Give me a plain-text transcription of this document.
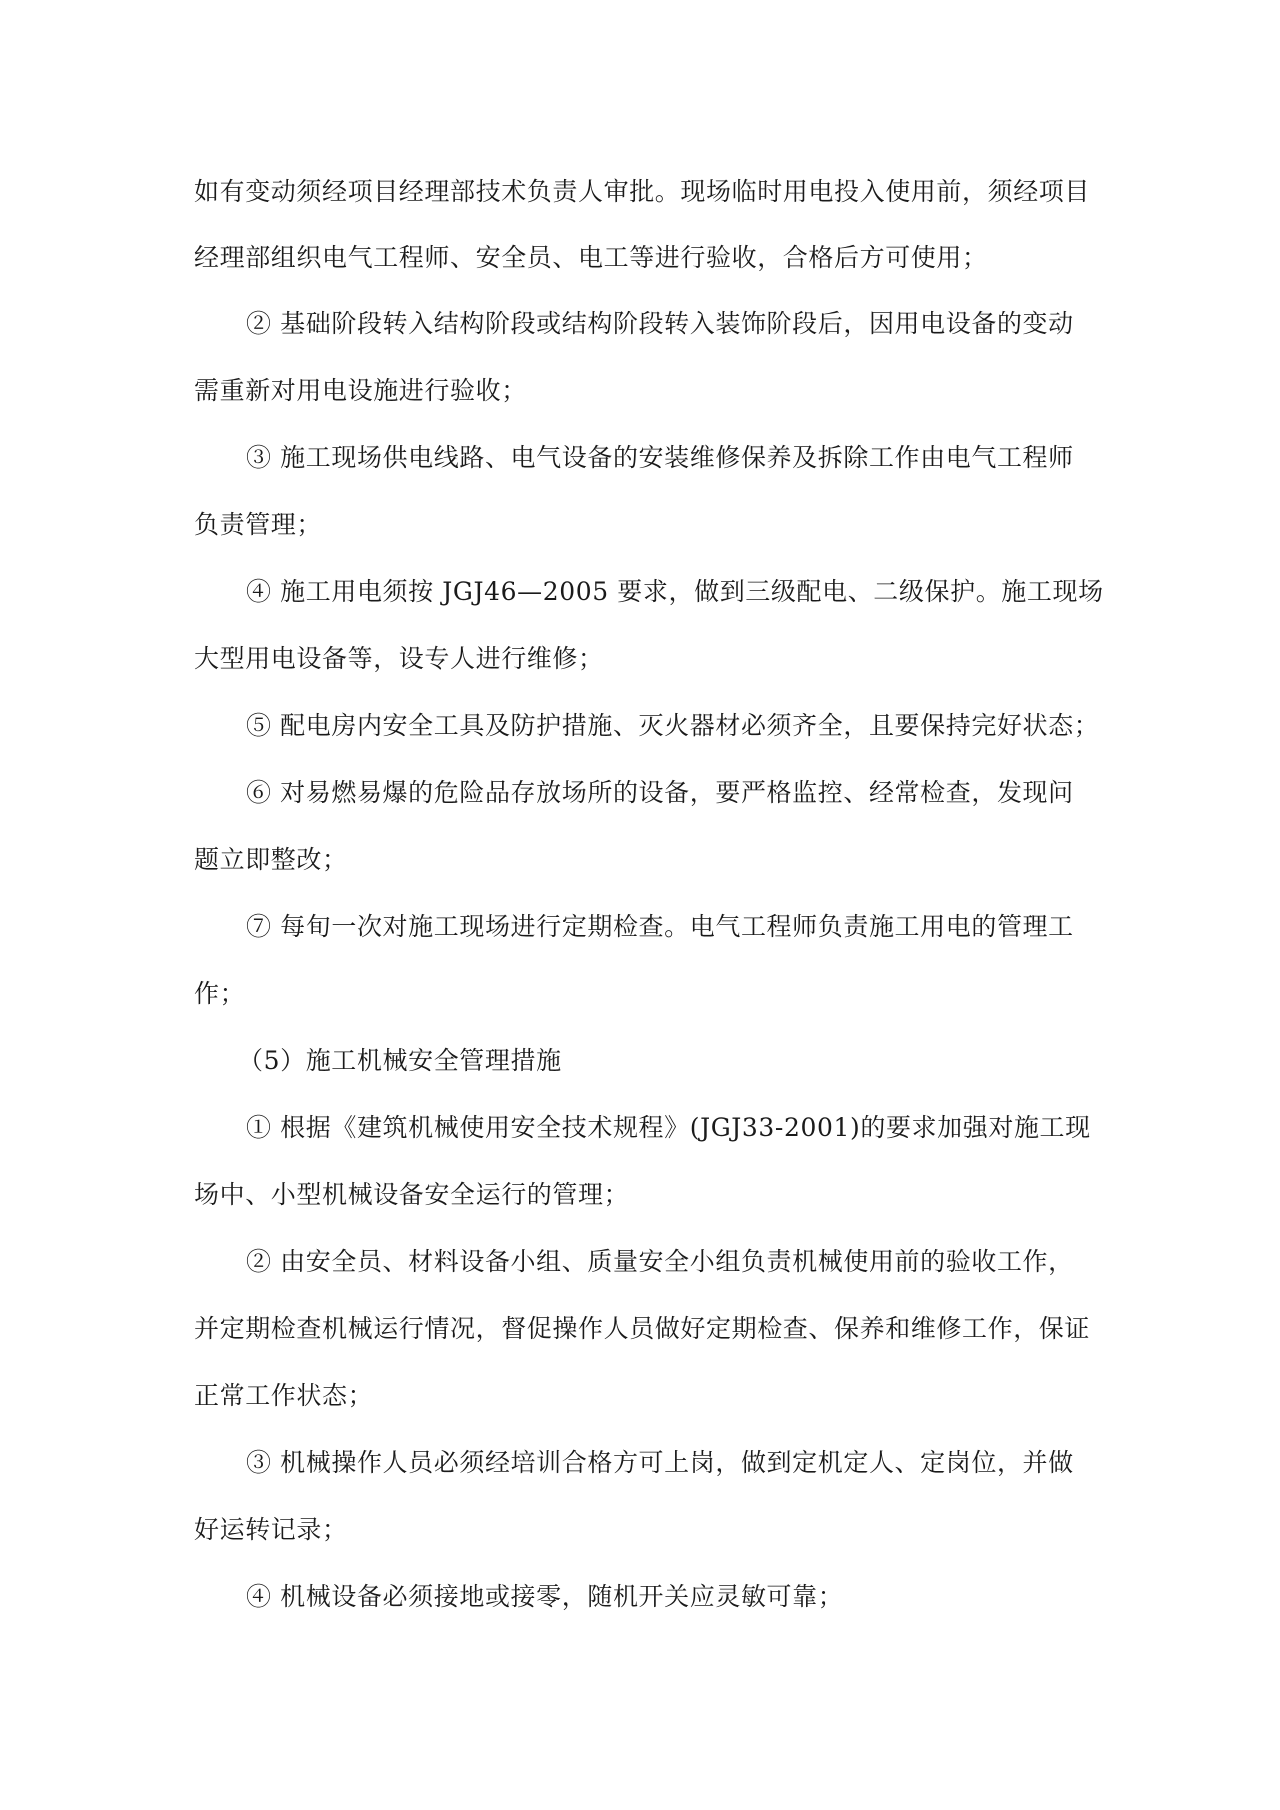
如有变动须经项目经理部技术负责人审批。现场临时用电投入使用前，须经项目
经理部组织电气工程师、安全员、电工等进行验收，合格后方可使用；
② 基础阶段转入结构阶段或结构阶段转入装饰阶段后，因用电设备的变动
需重新对用电设施进行验收；
③ 施工现场供电线路、电气设备的安装维修保养及拆除工作由电气工程师
负责管理；
④ 施工用电须按 JGJ46—2005 要求，做到三级配电、二级保护。施工现场
大型用电设备等，设专人进行维修；
⑤ 配电房内安全工具及防护措施、灭火器材必须齐全，且要保持完好状态；
⑥ 对易燃易爆的危险品存放场所的设备，要严格监控、经常检查，发现问
题立即整改；
⑦ 每旬一次对施工现场进行定期检查。电气工程师负责施工用电的管理工
作；
（5）施工机械安全管理措施
① 根据《建筑机械使用安全技术规程》(JGJ33-2001)的要求加强对施工现
场中、小型机械设备安全运行的管理；
② 由安全员、材料设备小组、质量安全小组负责机械使用前的验收工作，
并定期检查机械运行情况，督促操作人员做好定期检查、保养和维修工作，保证
正常工作状态；
③ 机械操作人员必须经培训合格方可上岗，做到定机定人、定岗位，并做
好运转记录；
④ 机械设备必须接地或接零，随机开关应灵敏可靠；
